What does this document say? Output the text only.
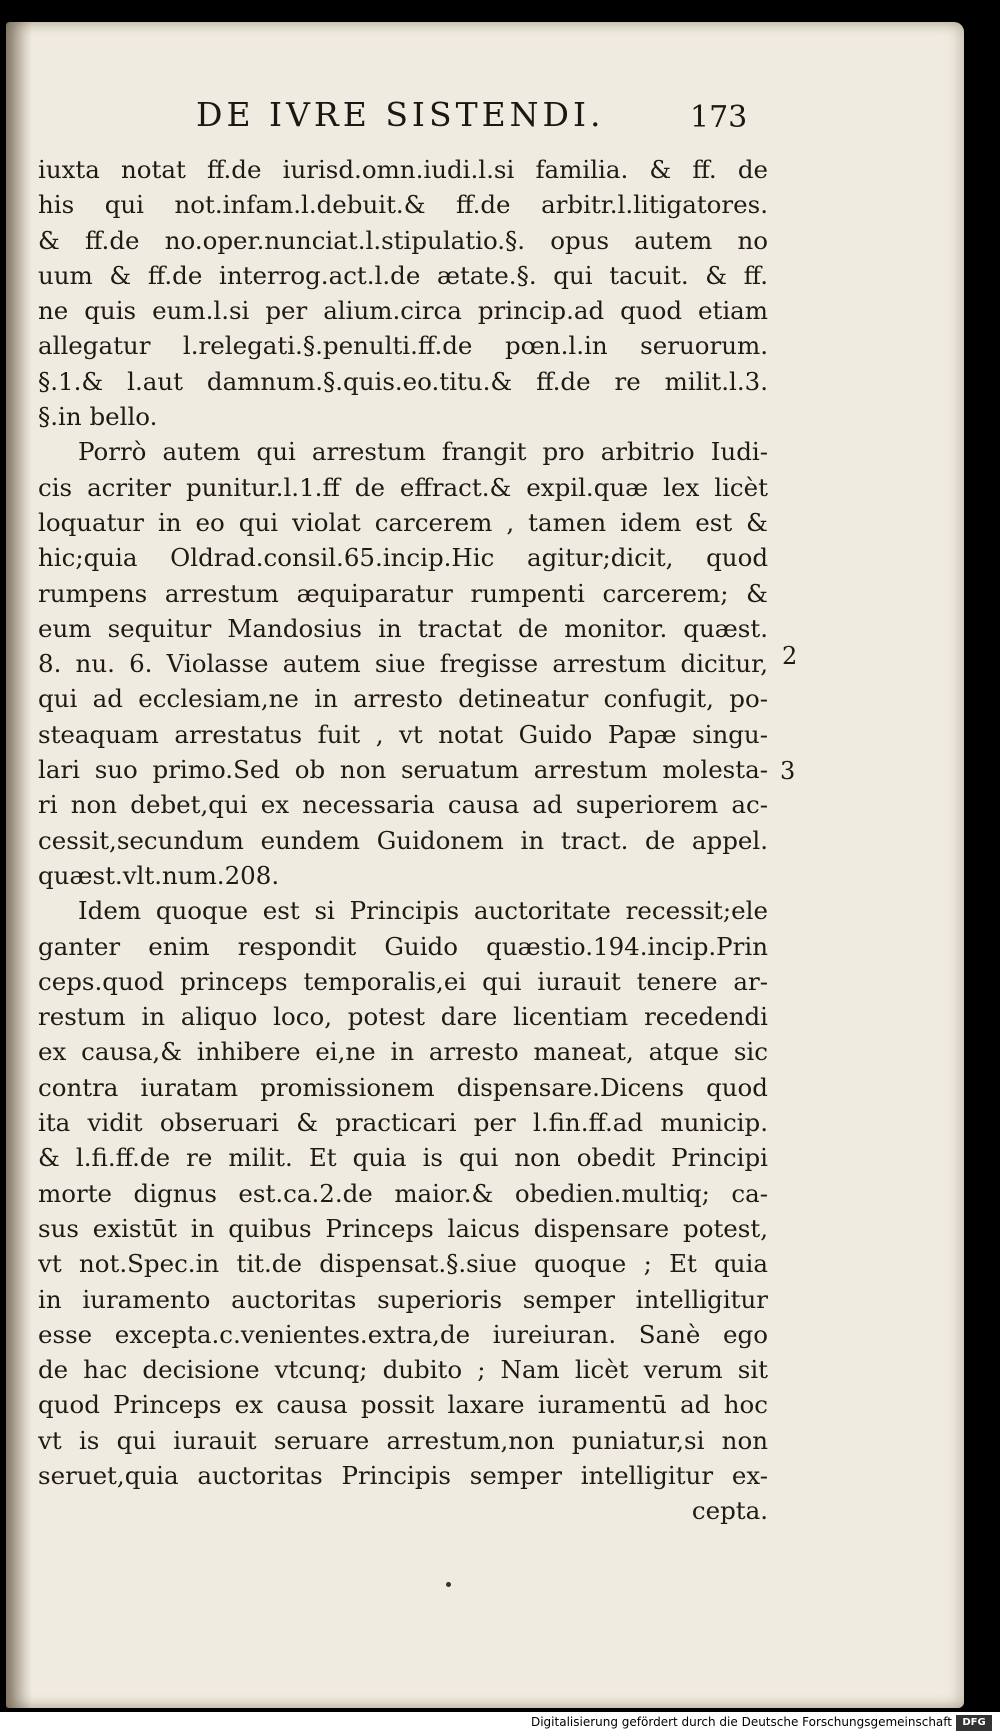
DE IVRE SISTENDI.	173
iuxta notat ff.de iurisd.omn.iudi.l.si familia. & ff. de
his qui not.infam.l.debuit.& ff.de arbitr.l.litigatores.
& ff.de no.oper.nunciat.l.stipulatio.§. opus autem no
uum & ff.de interrog.act.l.de ætate.§. qui tacuit. & ff.
ne quis eum.l.si per alium.circa princip.ad quod etiam
allegatur l.relegati.§.penulti.ff.de pœn.l.in seruorum.
§.1.& l.aut damnum.§.quis.eo.titu.& ff.de re milit.l.3.
§.in bello.
Porrò autem qui arrestum frangit pro arbitrio Iudi-
cis acriter punitur.l.1.ff de effract.& expil.quæ lex licèt
loquatur in eo qui violat carcerem , tamen idem est &
hic;quia Oldrad.consil.65.incip.Hic agitur;dicit, quod
rumpens arrestum æquiparatur rumpenti carcerem; &
eum sequitur Mandosius in tractat de monitor. quæst.
8. nu. 6. Violasse autem siue fregisse arrestum dicitur,
qui ad ecclesiam,ne in arresto detineatur confugit, po-
steaquam arrestatus fuit , vt notat Guido Papæ singu-
lari suo primo.Sed ob non seruatum arrestum molesta-
ri non debet,qui ex necessaria causa ad superiorem ac-
cessit,secundum eundem Guidonem in tract. de appel.
quæst.vlt.num.208.
Idem quoque est si Principis auctoritate recessit;ele
ganter enim respondit Guido quæstio.194.incip.Prin
ceps.quod princeps temporalis,ei qui iurauit tenere ar-
restum in aliquo loco, potest dare licentiam recedendi
ex causa,& inhibere ei,ne in arresto maneat, atque sic
contra iuratam promissionem dispensare.Dicens quod
ita vidit obseruari & practicari per l.fin.ff.ad municip.
& l.fi.ff.de re milit. Et quia is qui non obedit Principi
morte dignus est.ca.2.de maior.& obedien.multiq; ca-
sus existūt in quibus Princeps laicus dispensare potest,
vt not.Spec.in tit.de dispensat.§.siue quoque ; Et quia
in iuramento auctoritas superioris semper intelligitur
esse excepta.c.venientes.extra,de iureiuran. Sanè ego
de hac decisione vtcunq; dubito ; Nam licèt verum sit
quod Princeps ex causa possit laxare iuramentū ad hoc
vt is qui iurauit seruare arrestum,non puniatur,si non
seruet,quia auctoritas Principis semper intelligitur ex-
cepta.
2
3
Digitalisierung gefördert durch die Deutsche Forschungsgemeinschaft	DFG
